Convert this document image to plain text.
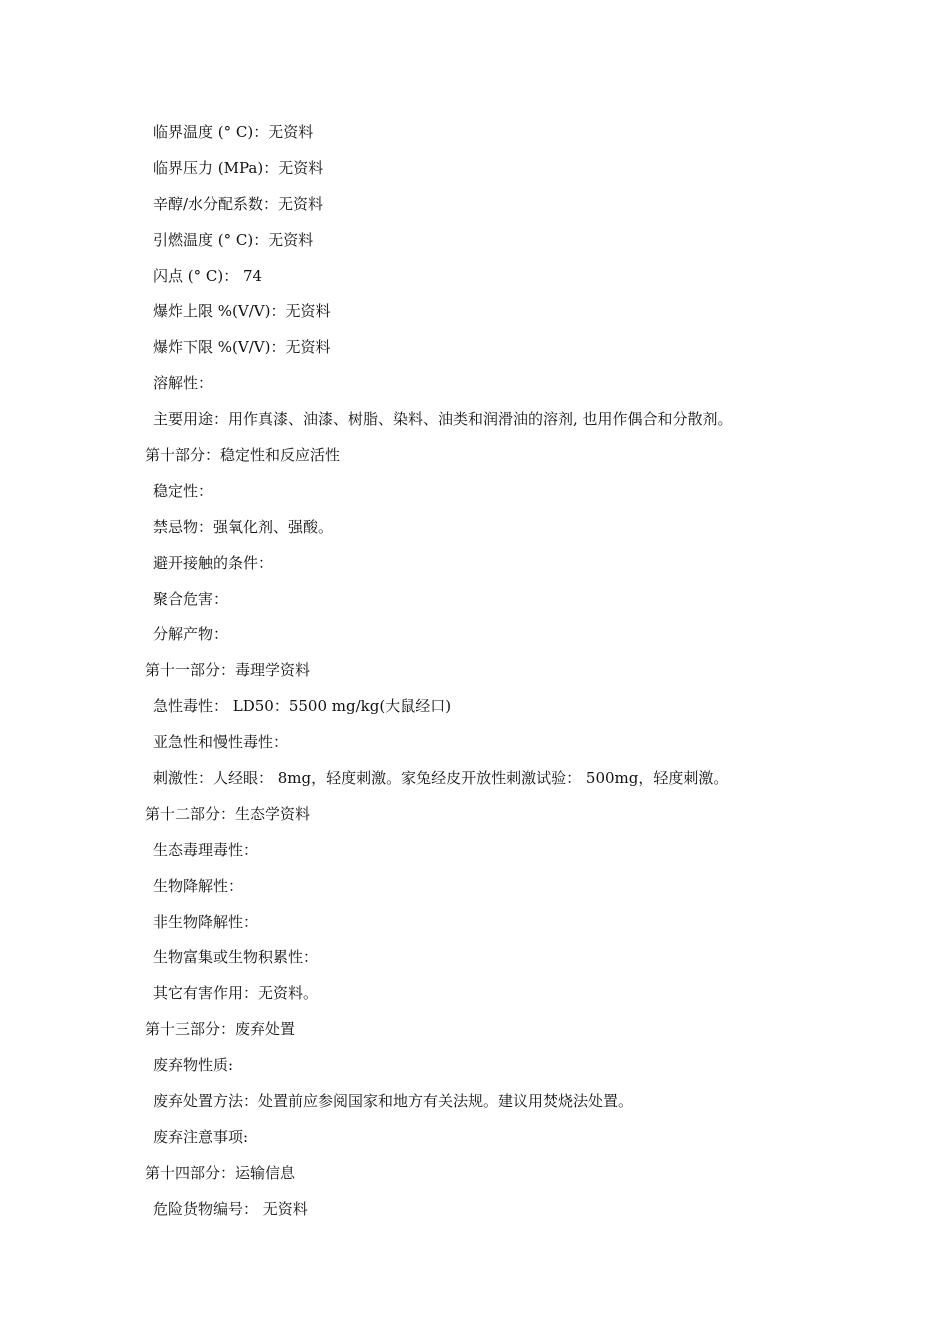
临界温度 (° C)：无资料
临界压力 (MPa)：无资料
辛醇/水分配系数：无资料
引燃温度 (° C)：无资料
闪点 (° C)： 74
爆炸上限 %(V/V)：无资料
爆炸下限 %(V/V)：无资料
溶解性：
主要用途：用作真漆、油漆、树脂、染料、油类和润滑油的溶剂, 也用作偶合和分散剂。
第十部分：稳定性和反应活性
稳定性：
禁忌物：强氧化剂、强酸。
避开接触的条件：
聚合危害：
分解产物：
第十一部分：毒理学资料
急性毒性： LD50：5500 mg/kg(大鼠经口)
亚急性和慢性毒性：
刺激性：人经眼： 8mg，轻度刺激。家兔经皮开放性刺激试验： 500mg，轻度刺激。
第十二部分：生态学资料
生态毒理毒性：
生物降解性：
非生物降解性：
生物富集或生物积累性：
其它有害作用：无资料。
第十三部分：废弃处置
废弃物性质:
废弃处置方法：处置前应参阅国家和地方有关法规。建议用焚烧法处置。
废弃注意事项:
第十四部分：运输信息
危险货物编号： 无资料
